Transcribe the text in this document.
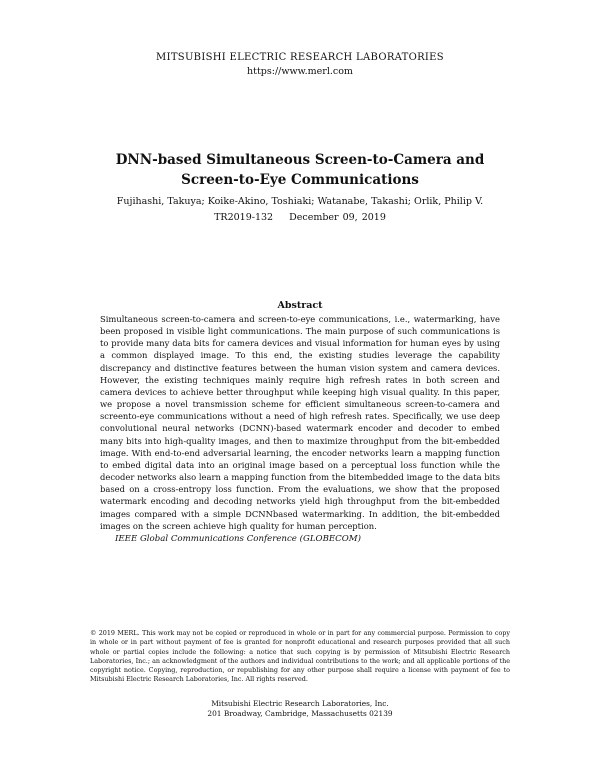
MITSUBISHI ELECTRIC RESEARCH LABORATORIES
https://www.merl.com
DNN-based Simultaneous Screen-to-Camera and
Screen-to-Eye Communications
Fujihashi, Takuya; Koike-Akino, Toshiaki; Watanabe, Takashi; Orlik, Philip V.
TR2019-132 December 09, 2019
Abstract

Simultaneous screen-to-camera and screen-to-eye communications, i.e., watermarking, have been proposed in visible light communications. The main purpose of such communications is to provide many data bits for camera devices and visual information for human eyes by using a common displayed image. To this end, the existing studies leverage the capability discrepancy and distinctive features between the human vision system and camera devices. However, the existing techniques mainly require high refresh rates in both screen and camera devices to achieve better throughput while keeping high visual quality. In this paper, we propose a novel transmission scheme for efficient simultaneous screen-to-camera and screento-eye communications without a need of high refresh rates. Specifically, we use deep convolutional neural networks (DCNN)-based watermark encoder and decoder to embed many bits into high-quality images, and then to maximize throughput from the bit-embedded image. With end-to-end adversarial learning, the encoder networks learn a mapping function to embed digital data into an original image based on a perceptual loss function while the decoder networks also learn a mapping function from the bitembedded image to the data bits based on a cross-entropy loss function. From the evaluations, we show that the proposed watermark encoding and decoding networks yield high throughput from the bit-embedded images compared with a simple DCNNbased watermarking. In addition, the bit-embedded images on the screen achieve high quality for human perception.

IEEE Global Communications Conference (GLOBECOM)

© 2019 MERL. This work may not be copied or reproduced in whole or in part for any commercial purpose. Permission to copy in whole or in part without payment of fee is granted for nonprofit educational and research purposes provided that all such whole or partial copies include the following: a notice that such copying is by permission of Mitsubishi Electric Research Laboratories, Inc.; an acknowledgment of the authors and individual contributions to the work; and all applicable portions of the copyright notice. Copying, reproduction, or republishing for any other purpose shall require a license with payment of fee to Mitsubishi Electric Research Laboratories, Inc. All rights reserved.

Mitsubishi Electric Research Laboratories, Inc.
201 Broadway, Cambridge, Massachusetts 02139
